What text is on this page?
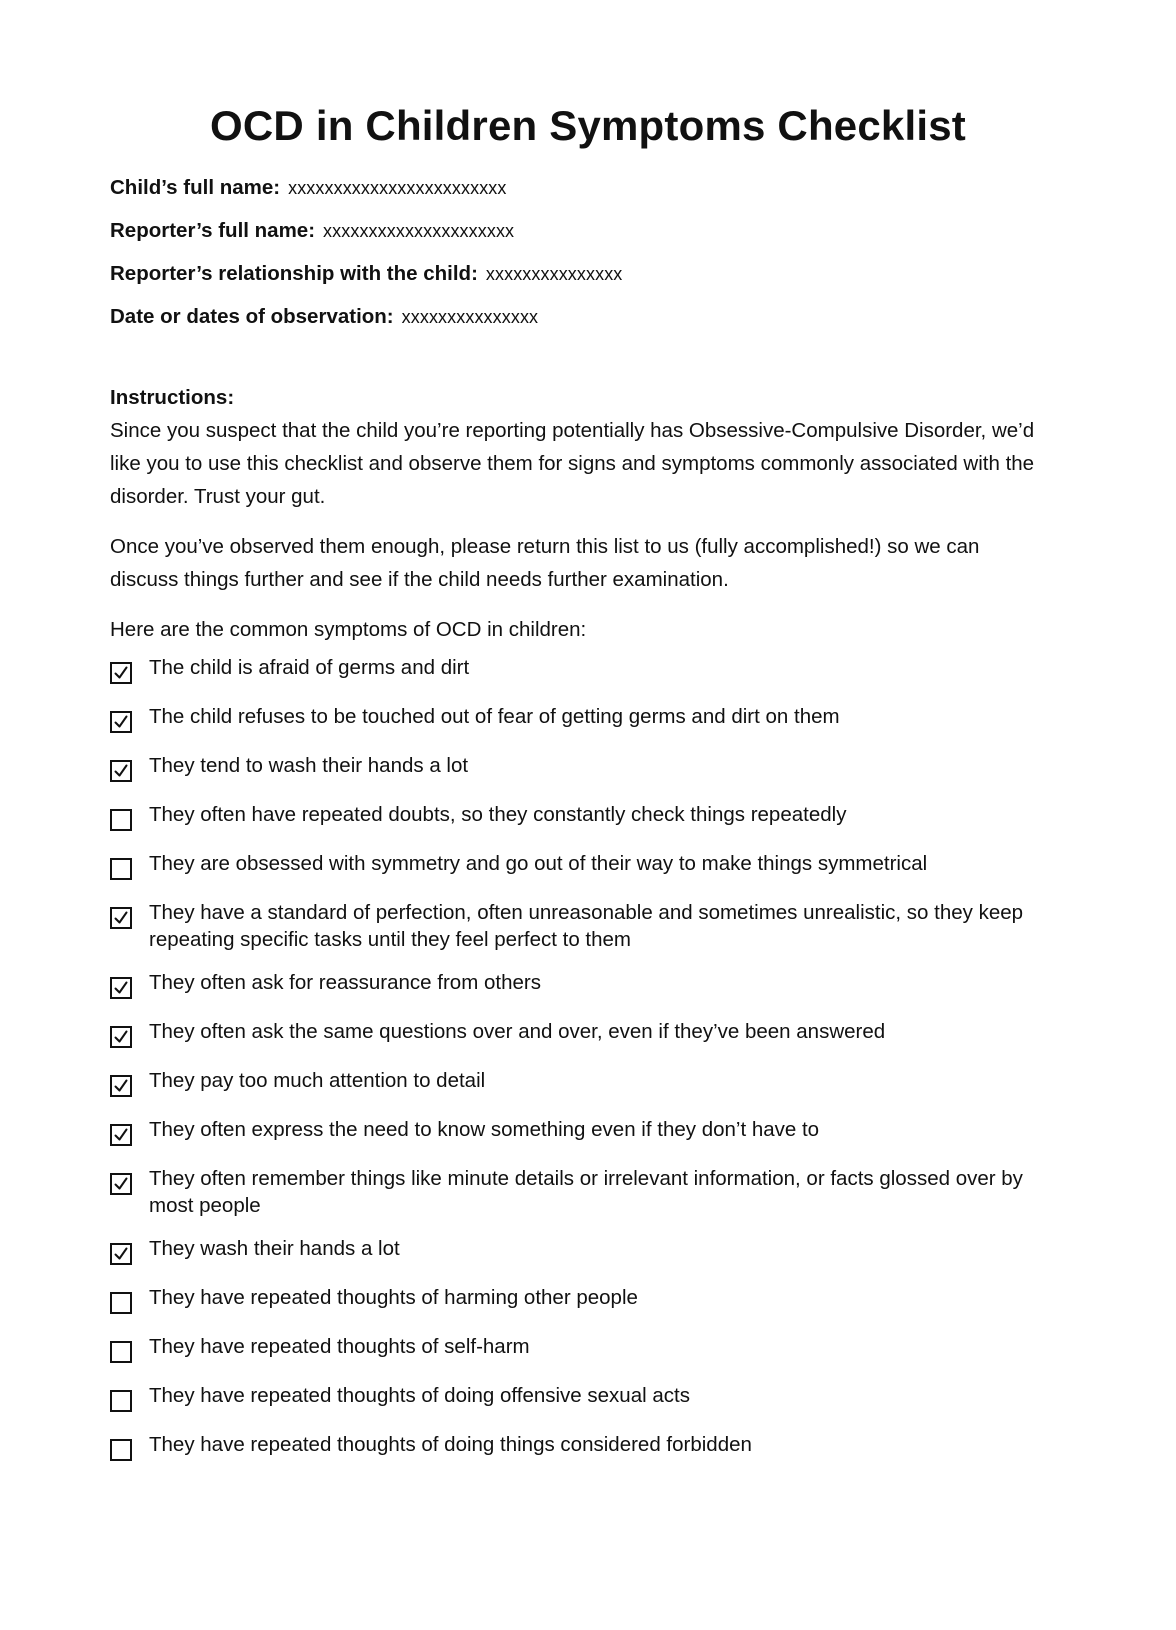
OCD in Children Symptoms Checklist
Child’s full name: xxxxxxxxxxxxxxxxxxxxxxxx
Reporter’s full name: xxxxxxxxxxxxxxxxxxxxx
Reporter’s relationship with the child: xxxxxxxxxxxxxxx
Date or dates of observation: xxxxxxxxxxxxxxx

Instructions:

Since you suspect that the child you’re reporting potentially has Obsessive-Compulsive Disorder, we’d like you to use this checklist and observe them for signs and symptoms commonly associated with the disorder. Trust your gut.

Once you’ve observed them enough, please return this list to us (fully accomplished!) so we can discuss things further and see if the child needs further examination.

Here are the common symptoms of OCD in children:

The child is afraid of germs and dirt
The child refuses to be touched out of fear of getting germs and dirt on them
They tend to wash their hands a lot
They often have repeated doubts, so they constantly check things repeatedly
They are obsessed with symmetry and go out of their way to make things symmetrical
They have a standard of perfection, often unreasonable and sometimes unrealistic, so they keep repeating specific tasks until they feel perfect to them
They often ask for reassurance from others
They often ask the same questions over and over, even if they’ve been answered
They pay too much attention to detail
They often express the need to know something even if they don’t have to
They often remember things like minute details or irrelevant information, or facts glossed over by most people
They wash their hands a lot
They have repeated thoughts of harming other people
They have repeated thoughts of self-harm
They have repeated thoughts of doing offensive sexual acts
They have repeated thoughts of doing things considered forbidden
